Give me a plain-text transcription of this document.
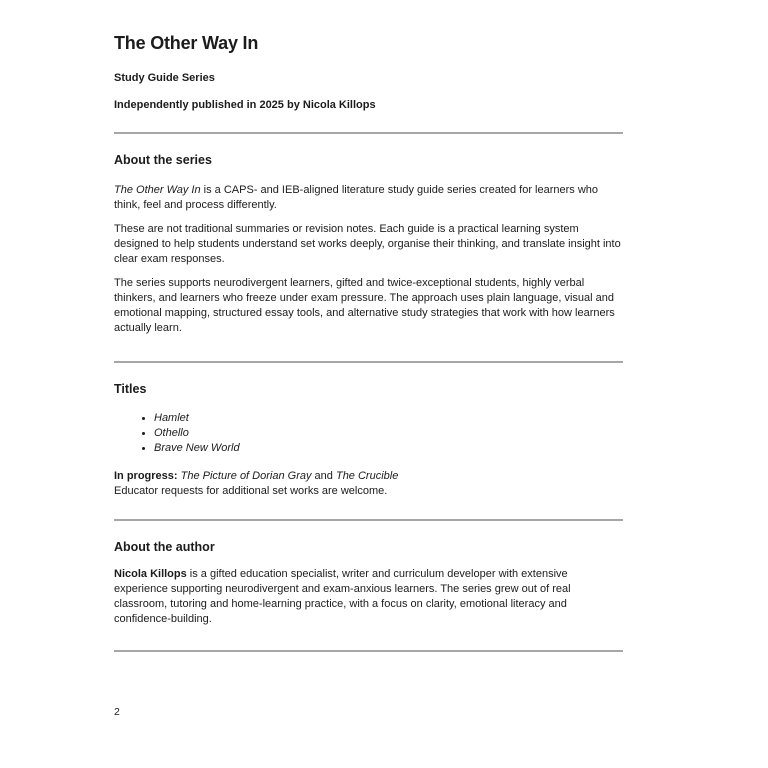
The Other Way In

Study Guide Series

Independently published in 2025 by Nicola Killops

About the series

The Other Way In is a CAPS- and IEB-aligned literature study guide series created for learners who think, feel and process differently.

These are not traditional summaries or revision notes. Each guide is a practical learning system designed to help students understand set works deeply, organise their thinking, and translate insight into clear exam responses.

The series supports neurodivergent learners, gifted and twice-exceptional students, highly verbal thinkers, and learners who freeze under exam pressure. The approach uses plain language, visual and emotional mapping, structured essay tools, and alternative study strategies that work with how learners actually learn.

Titles
• Hamlet
• Othello
• Brave New World

In progress: The Picture of Dorian Gray and The Crucible
Educator requests for additional set works are welcome.

About the author

Nicola Killops is a gifted education specialist, writer and curriculum developer with extensive experience supporting neurodivergent and exam-anxious learners. The series grew out of real classroom, tutoring and home-learning practice, with a focus on clarity, emotional literacy and confidence-building.

2
